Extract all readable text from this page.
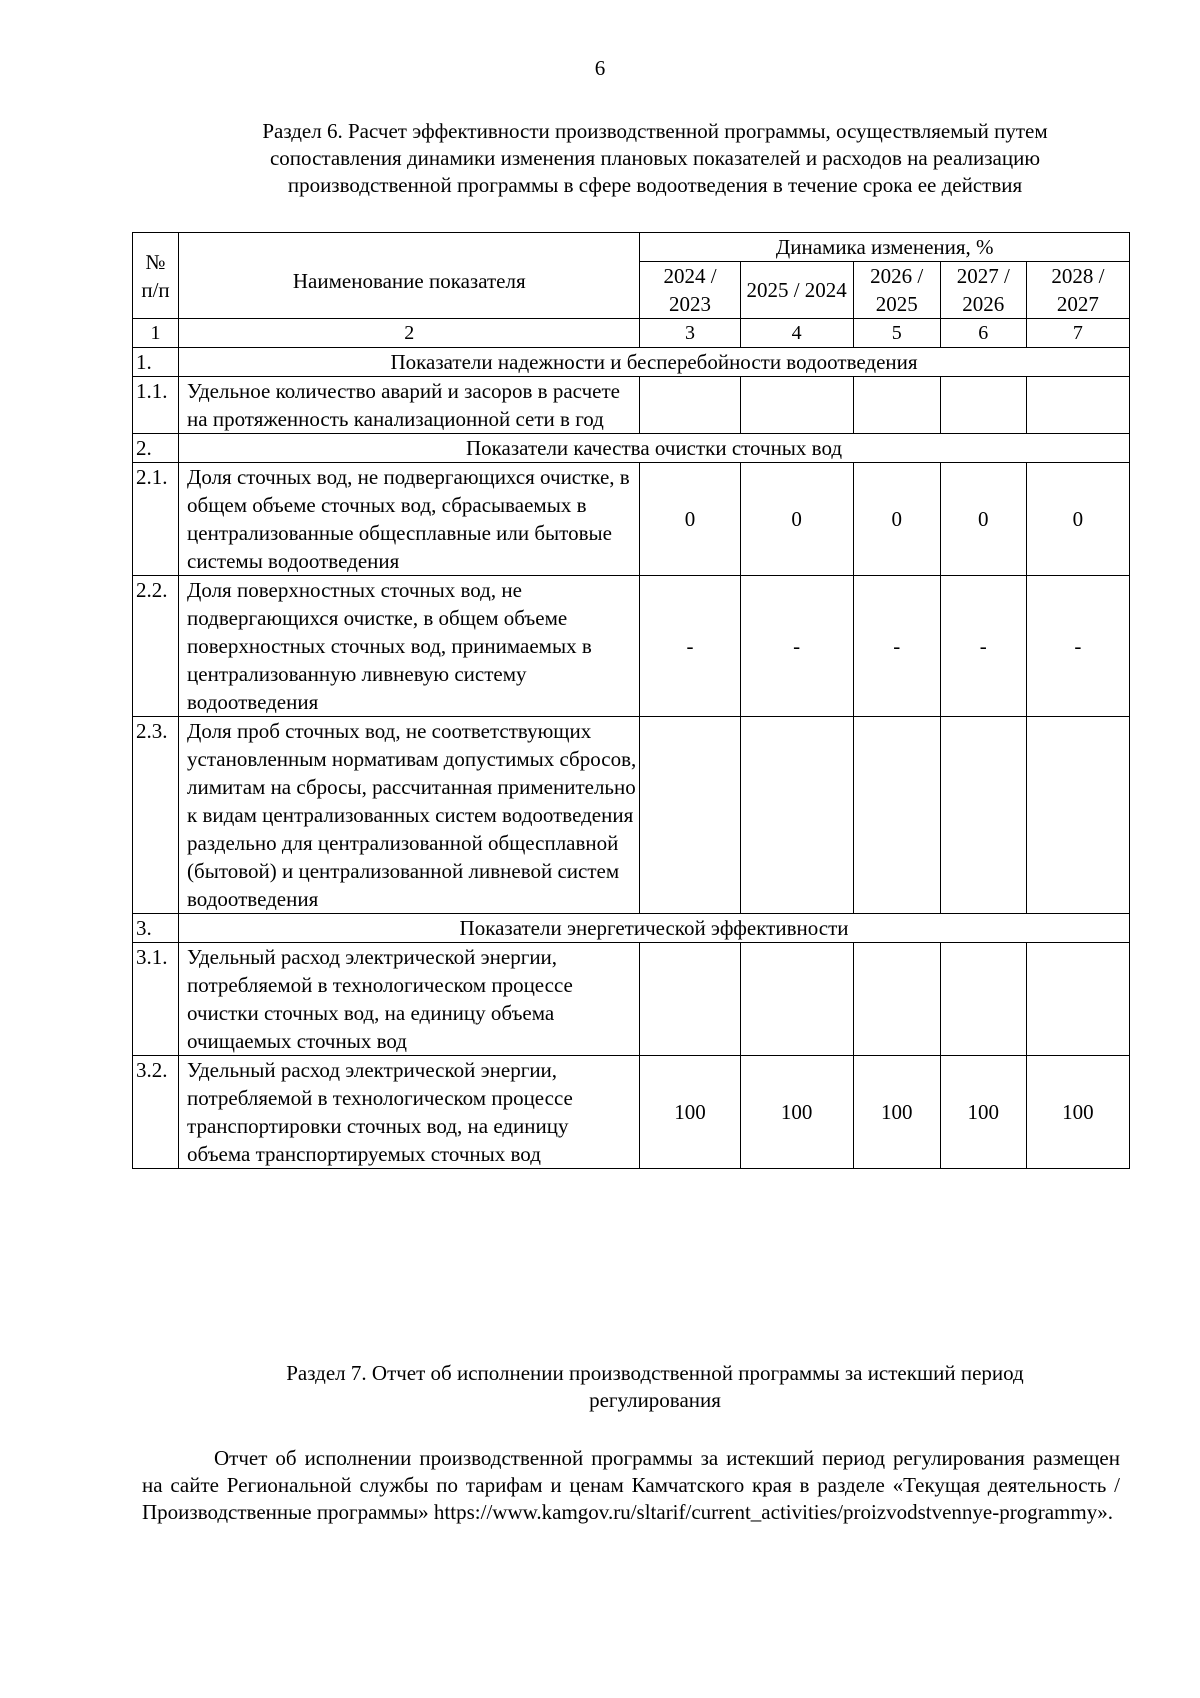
6
Раздел 6. Расчет эффективности производственной программы, осуществляемый путем
сопоставления динамики изменения плановых показателей и расходов на реализацию
производственной программы в сфере водоотведения в течение срока ее действия
№ п/п	Наименование показателя	Динамика изменения, %				
		2024 / 2023	2025 / 2024	2026 / 2025	2027 / 2026	2028 / 2027
1	2	3	4	5	6	7
1.	Показатели надежности и бесперебойности водоотведения					
1.1.	Удельное количество аварий и засоров в расчете на протяженность канализационной сети в год					
2.	Показатели качества очистки сточных вод					
2.1.	Доля сточных вод, не подвергающихся очистке, в общем объеме сточных вод, сбрасываемых в централизованные общесплавные или бытовые системы водоотведения	0	0	0	0	0
2.2.	Доля поверхностных сточных вод, не подвергающихся очистке, в общем объеме поверхностных сточных вод, принимаемых в централизованную ливневую систему водоотведения	-	-	-	-	-
2.3.	Доля проб сточных вод, не соответствующих установленным нормативам допустимых сбросов, лимитам на сбросы, рассчитанная применительно к видам централизованных систем водоотведения раздельно для централизованной общесплавной (бытовой) и централизованной ливневой систем водоотведения					
3.	Показатели энергетической эффективности					
3.1.	Удельный расход электрической энергии, потребляемой в технологическом процессе очистки сточных вод, на единицу объема очищаемых сточных вод					
3.2.	Удельный расход электрической энергии, потребляемой в технологическом процессе транспортировки сточных вод, на единицу объема транспортируемых сточных вод	100	100	100	100	100
Раздел 7. Отчет об исполнении производственной программы за истекший период
регулирования
Отчет об исполнении производственной программы за истекший период регулирования размещен на сайте Региональной службы по тарифам и ценам Камчатского края в разделе «Текущая деятельность / Производственные программы» https://www.kamgov.ru/sltarif/current_activities/proizvodstvennye-programmy».
